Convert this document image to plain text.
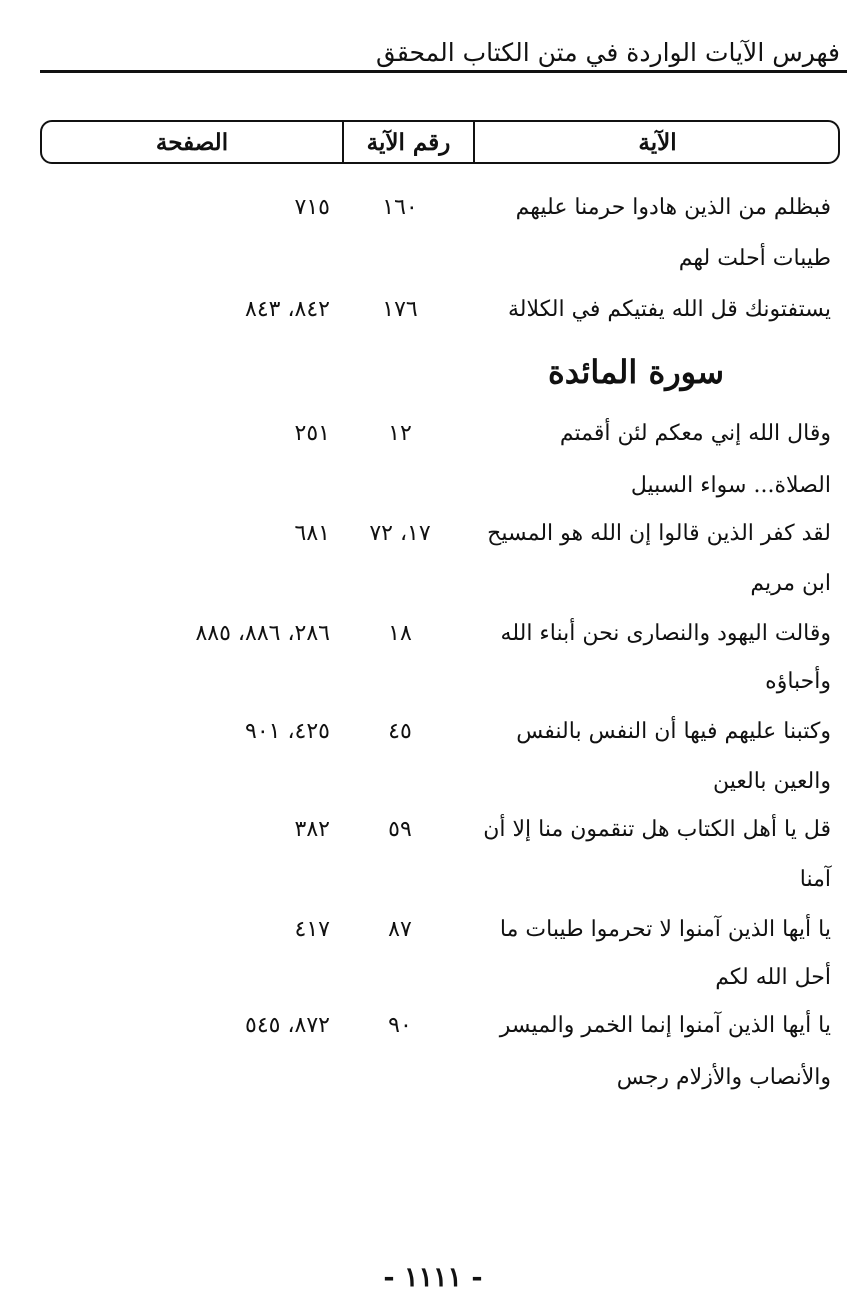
فهرس الآيات الواردة في متن الكتاب المحقق
الآية
رقم الآية
الصفحة
فبظلم من الذين هادوا حرمنا عليهم
١٦٠
٧١٥
طيبات أحلت لهم
يستفتونك قل الله يفتيكم في الكلالة
١٧٦
٨٤٢، ٨٤٣
سورة المائدة
وقال الله إني معكم لئن أقمتم
١٢
٢٥١
الصلاة... سواء السبيل
لقد كفر الذين قالوا إن الله هو المسيح
١٧، ٧٢
٦٨١
ابن مريم
وقالت اليهود والنصارى نحن أبناء الله
١٨
٢٨٦، ٨٨٦، ٨٨٥
وأحباؤه
وكتبنا عليهم فيها أن النفس بالنفس
٤٥
٤٢٥، ٩٠١
والعين بالعين
قل يا أهل الكتاب هل تنقمون منا إلا أن
٥٩
٣٨٢
آمنا
يا أيها الذين آمنوا لا تحرموا طيبات ما
٨٧
٤١٧
أحل الله لكم
يا أيها الذين آمنوا إنما الخمر والميسر
٩٠
٨٧٢، ٥٤٥
والأنصاب والأزلام رجس
- ١١١١ -
